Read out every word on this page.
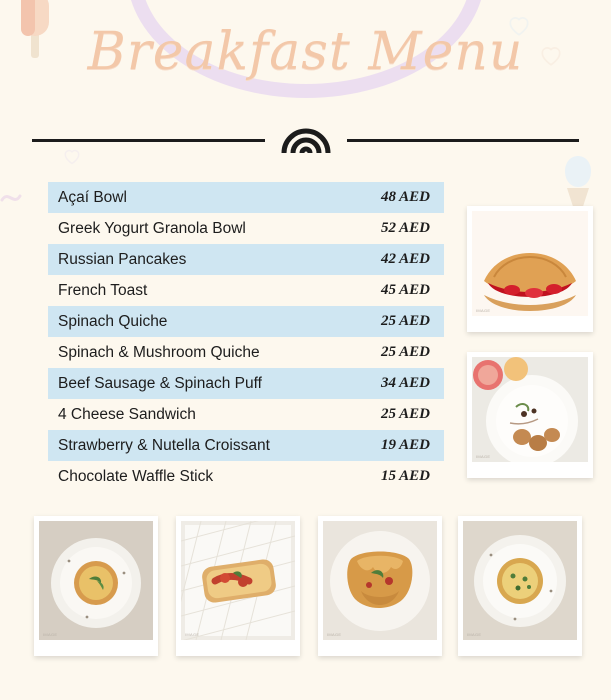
Breakfast Menu
Açaí Bowl	48 AED
Greek Yogurt Granola Bowl	52 AED
Russian Pancakes	42 AED
French Toast	45 AED
Spinach Quiche	25 AED
Spinach & Mushroom Quiche	25 AED
Beef Sausage & Spinach Puff	34 AED
4 Cheese Sandwich	25 AED
Strawberry & Nutella Croissant	19 AED
Chocolate Waffle Stick	15 AED
IMAGE
IMAGE
IMAGE	IMAGE	IMAGE	IMAGE
